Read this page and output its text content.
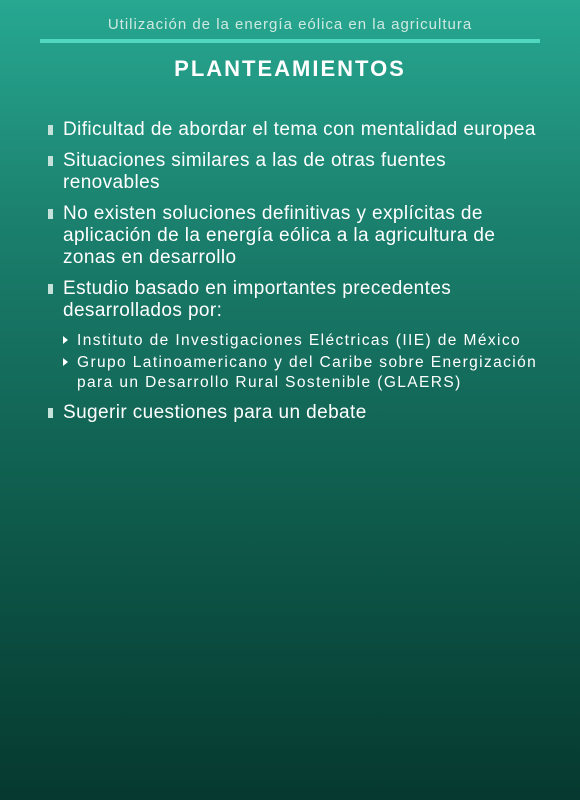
Utilización de la energía eólica en la agricultura
PLANTEAMIENTOS
Dificultad de abordar el tema con mentalidad europea
Situaciones similares a las de otras fuentes renovables
No existen soluciones definitivas y explícitas de aplicación de la energía eólica a la agricultura de zonas en desarrollo
Estudio basado en importantes precedentes desarrollados por:
Instituto de Investigaciones Eléctricas (IIE) de México
Grupo Latinoamericano y del Caribe sobre Energización para un Desarrollo Rural Sostenible (GLAERS)
Sugerir cuestiones para un debate
